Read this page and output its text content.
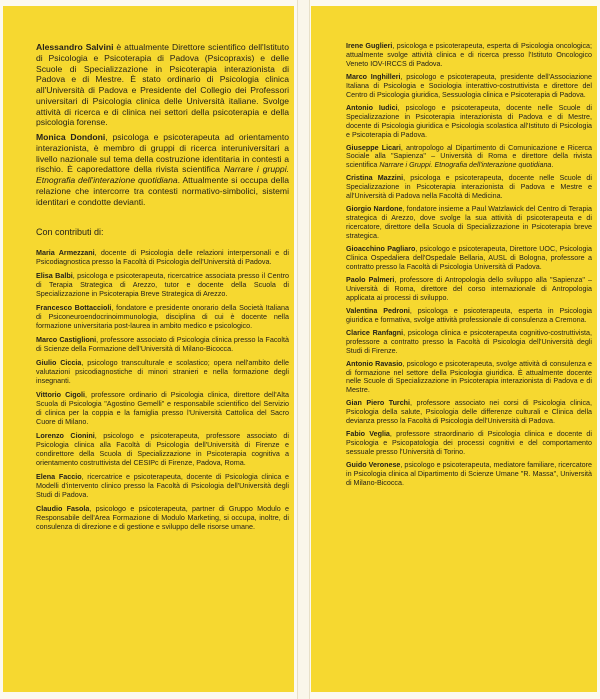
Alessandro Salvini è attualmente Direttore scientifico dell'Istituto di Psicologia e Psicoterapia di Padova (Psicopraxis) e delle Scuole di Specializzazione in Psicoterapia interazionista di Padova e di Mestre. È stato ordinario di Psicologia clinica all'Università di Padova e Presidente del Collegio dei Professori universitari di Psicologia clinica delle Università italiane. Svolge attività di ricerca e di clinica nei settori della psicoterapia e della psicologia forense.

Monica Dondoni, psicologa e psicoterapeuta ad orientamento interazionista, è membro di gruppi di ricerca interuniversitari a livello nazionale sul tema della costruzione identitaria in contesti a rischio. È caporedattore della rivista scientifica Narrare i gruppi. Etnografia dell'interazione quotidiana. Attualmente si occupa della relazione che intercorre tra contesti normativo-simbolici, sistemi identitari e condotte devianti.

Con contributi di:

Maria Armezzani, docente di Psicologia delle relazioni interpersonali e di Psicodiagnostica presso la Facoltà di Psicologia dell'Università di Padova.

Elisa Balbi, psicologa e psicoterapeuta, ricercatrice associata presso il Centro di Terapia Strategica di Arezzo, tutor e docente della Scuola di Specializzazione in Psicoterapia Breve Strategica di Arezzo.

Francesco Bottaccioli, fondatore e presidente onorario della Società Italiana di Psiconeuroendocrinoimmunologia, disciplina di cui è docente nella formazione universitaria post-laurea in ambito medico e psicologico.

Marco Castiglioni, professore associato di Psicologia clinica presso la Facoltà di Scienze della Formazione dell'Università di Milano-Bicocca.

Giulio Ciccia, psicologo transculturale e scolastico; opera nell'ambito delle valutazioni psicodiagnostiche di minori stranieri e nella formazione degli insegnanti.

Vittorio Cigoli, professore ordinario di Psicologia clinica, direttore dell'Alta Scuola di Psicologia "Agostino Gemelli" e responsabile scientifico del Servizio di clinica per la coppia e la famiglia presso l'Università Cattolica del Sacro Cuore di Milano.

Lorenzo Cionini, psicologo e psicoterapeuta, professore associato di Psicologia clinica alla Facoltà di Psicologia dell'Università di Firenze e condirettore della Scuola di Specializzazione in Psicoterapia cognitiva a orientamento costruttivista del CESIPc di Firenze, Padova, Roma.

Elena Faccio, ricercatrice e psicoterapeuta, docente di Psicologia clinica e Modelli d'intervento clinico presso la Facoltà di Psicologia dell'Università degli Studi di Padova.

Claudio Fasola, psicologo e psicoterapeuta, partner di Gruppo Modulo e Responsabile dell'Area Formazione di Modulo Marketing, si occupa, inoltre, di consulenza di direzione e di gestione e sviluppo delle risorse umane.

Irene Guglieri, psicologa e psicoterapeuta, esperta di Psicologia oncologica; attualmente svolge attività clinica e di ricerca presso l'Istituto Oncologico Veneto IOV-IRCCS di Padova.

Marco Inghilleri, psicologo e psicoterapeuta, presidente dell'Associazione Italiana di Psicologia e Sociologia interattivo-costruttivista e direttore del Centro di Psicologia giuridica, Sessuologia clinica e Psicoterapia di Padova.

Antonio Iudici, psicologo e psicoterapeuta, docente nelle Scuole di Specializzazione in Psicoterapia interazionista di Padova e di Mestre, docente di Psicologia giuridica e Psicologia scolastica all'Istituto di Psicologia e Psicoterapia di Padova.

Giuseppe Licari, antropologo al Dipartimento di Comunicazione e Ricerca Sociale alla "Sapienza" – Università di Roma e direttore della rivista scientifica Narrare i Gruppi. Etnografia dell'interazione quotidiana.

Cristina Mazzini, psicologa e psicoterapeuta, docente nelle Scuole di Specializzazione in Psicoterapia interazionista di Padova e Mestre e all'Università di Padova nella Facoltà di Medicina.

Giorgio Nardone, fondatore insieme a Paul Watzlawick del Centro di Terapia strategica di Arezzo, dove svolge la sua attività di psicoterapeuta e di ricercatore, direttore della Scuola di Specializzazione in Psicoterapia breve strategica.

Gioacchino Pagliaro, psicologo e psicoterapeuta, Direttore UOC, Psicologia Clinica Ospedaliera dell'Ospedale Bellaria, AUSL di Bologna, professore a contratto presso la Facoltà di Psicologia Università di Padova.

Paolo Palmeri, professore di Antropologia dello sviluppo alla "Sapienza" – Università di Roma, direttore del corso internazionale di Antropologia applicata ai processi di sviluppo.

Valentina Pedroni, psicologa e psicoterapeuta, esperta in Psicologia giuridica e formativa, svolge attività professionale di consulenza a Cremona.

Clarice Ranfagni, psicologa clinica e psicoterapeuta cognitivo-costruttivista, professore a contratto presso la Facoltà di Psicologia dell'Università degli Studi di Firenze.

Antonio Ravasio, psicologo e psicoterapeuta, svolge attività di consulenza e di formazione nel settore della Psicologia giuridica. È attualmente docente nelle Scuole di Specializzazione in Psicoterapia interazionista di Padova e di Mestre.

Gian Piero Turchi, professore associato nei corsi di Psicologia clinica, Psicologia della salute, Psicologia delle differenze culturali e Clinica della devianza presso la Facoltà di Psicologia dell'Università di Padova.

Fabio Veglia, professore straordinario di Psicologia clinica e docente di Psicologia e Psicopatologia dei processi cognitivi e del comportamento sessuale presso l'Università di Torino.

Guido Veronese, psicologo e psicoterapeuta, mediatore familiare, ricercatore in Psicologia clinica al Dipartimento di Scienze Umane "R. Massa", Università di Milano-Bicocca.
